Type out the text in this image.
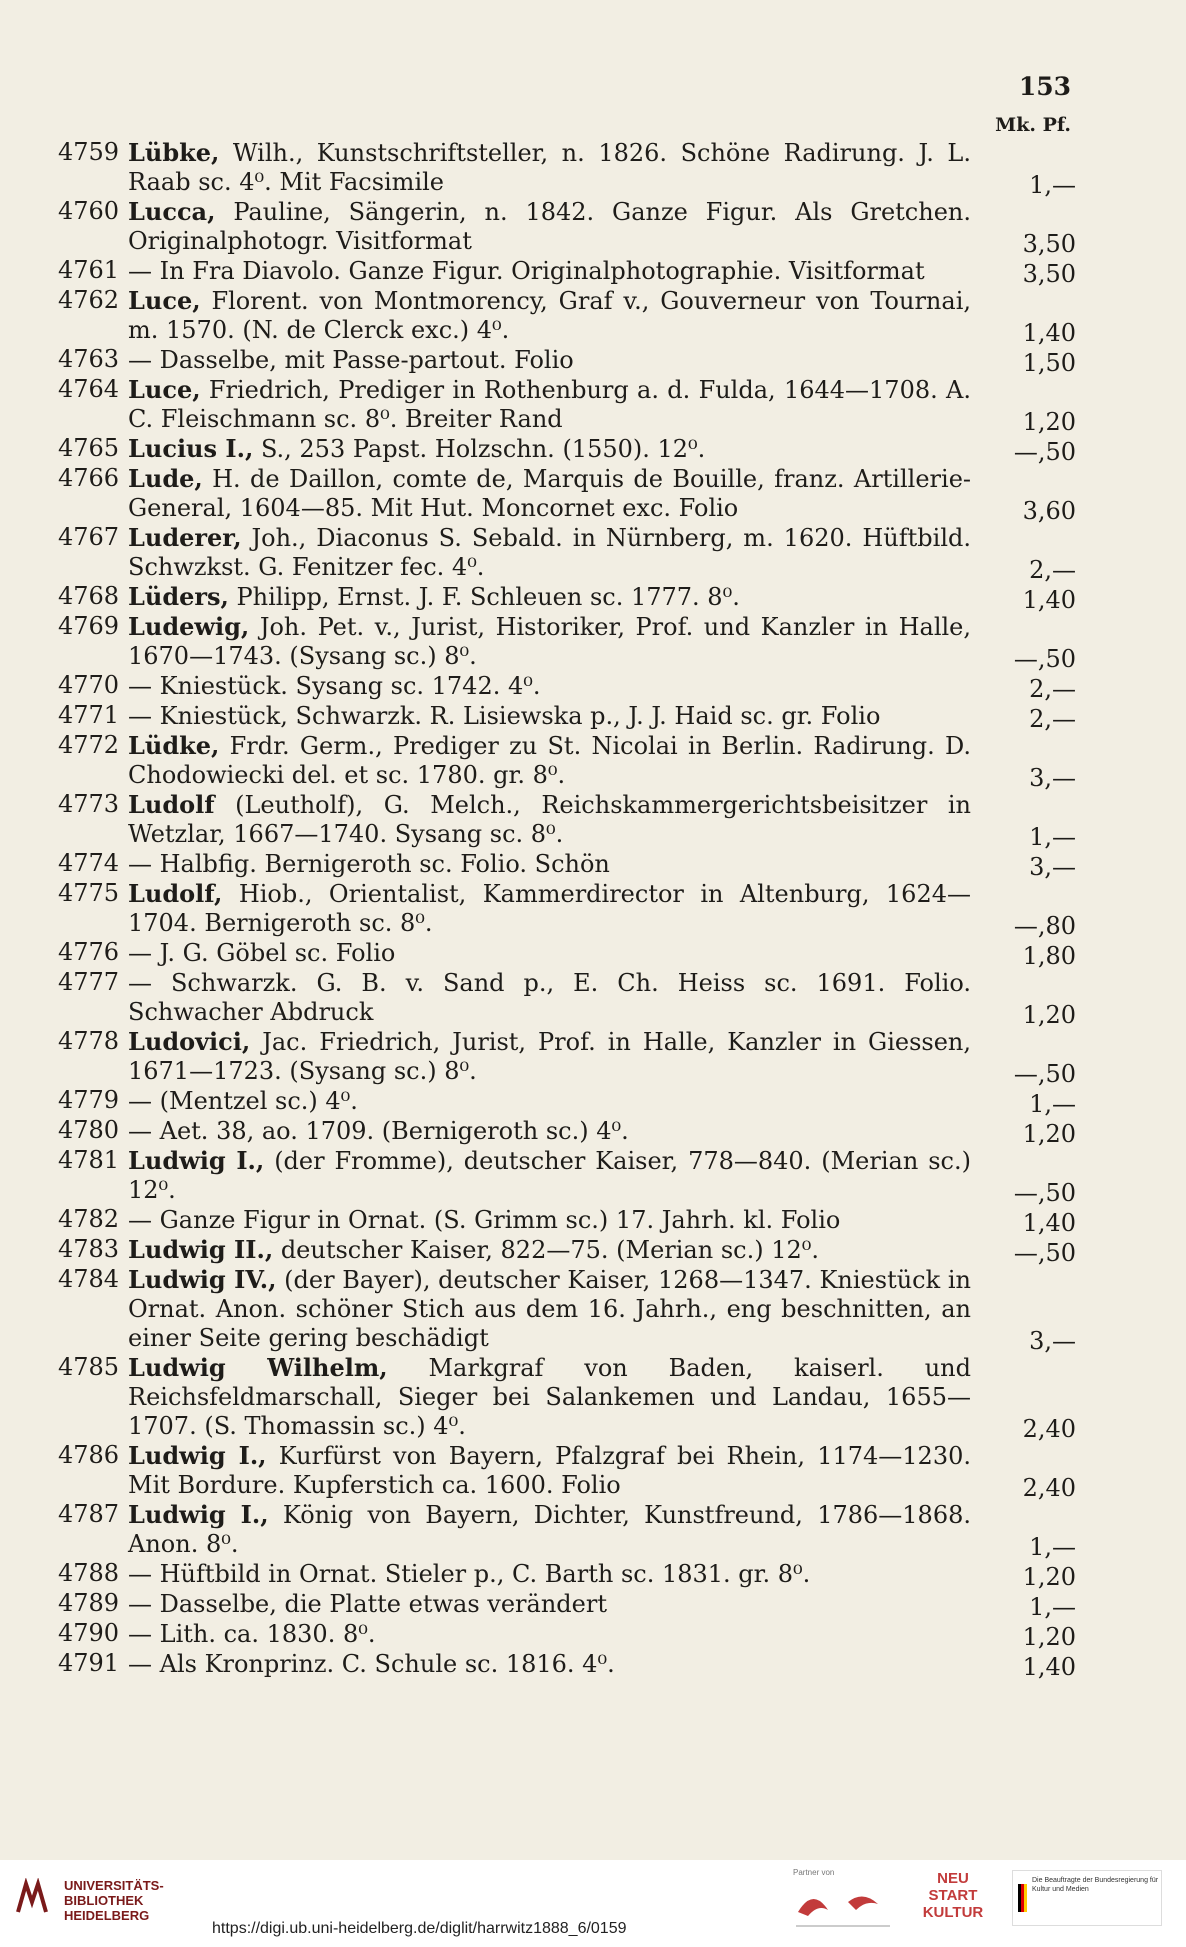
153
Mk. Pf.
4759 Lübke, Wilh., Kunstschriftsteller, n. 1826. Schöne Radirung. J. L. Raab sc. 4⁰. Mit Facsimile	1,—
4760 Lucca, Pauline, Sängerin, n. 1842. Ganze Figur. Als Gretchen. Originalphotogr. Visitformat	3,50
4761 — In Fra Diavolo. Ganze Figur. Originalphotographie. Visitformat	3,50
4762 Luce, Florent. von Montmorency, Graf v., Gouverneur von Tournai, m. 1570. (N. de Clerck exc.) 4⁰.	1,40
4763 — Dasselbe, mit Passe-partout. Folio	1,50
4764 Luce, Friedrich, Prediger in Rothenburg a. d. Fulda, 1644—1708. A. C. Fleischmann sc. 8⁰. Breiter Rand	1,20
4765 Lucius I., S., 253 Papst. Holzschn. (1550). 12⁰.	—,50
4766 Lude, H. de Daillon, comte de, Marquis de Bouille, franz. Artillerie-General, 1604—85. Mit Hut. Moncornet exc. Folio	3,60
4767 Luderer, Joh., Diaconus S. Sebald. in Nürnberg, m. 1620. Hüftbild. Schwzkst. G. Fenitzer fec. 4⁰.	2,—
4768 Lüders, Philipp, Ernst. J. F. Schleuen sc. 1777. 8⁰.	1,40
4769 Ludewig, Joh. Pet. v., Jurist, Historiker, Prof. und Kanzler in Halle, 1670—1743. (Sysang sc.) 8⁰.	—,50
4770 — Kniestück. Sysang sc. 1742. 4⁰.	2,—
4771 — Kniestück, Schwarzk. R. Lisiewska p., J. J. Haid sc. gr. Folio	2,—
4772 Lüdke, Frdr. Germ., Prediger zu St. Nicolai in Berlin. Radirung. D. Chodowiecki del. et sc. 1780. gr. 8⁰.	3,—
4773 Ludolf (Leutholf), G. Melch., Reichskammergerichtsbeisitzer in Wetzlar, 1667—1740. Sysang sc. 8⁰.	1,—
4774 — Halbfig. Bernigeroth sc. Folio. Schön	3,—
4775 Ludolf, Hiob., Orientalist, Kammerdirector in Altenburg, 1624—1704. Bernigeroth sc. 8⁰.	—,80
4776 — J. G. Göbel sc. Folio	1,80
4777 — Schwarzk. G. B. v. Sand p., E. Ch. Heiss sc. 1691. Folio. Schwacher Abdruck	1,20
4778 Ludovici, Jac. Friedrich, Jurist, Prof. in Halle, Kanzler in Giessen, 1671—1723. (Sysang sc.) 8⁰.	—,50
4779 — (Mentzel sc.) 4⁰.	1,—
4780 — Aet. 38, ao. 1709. (Bernigeroth sc.) 4⁰.	1,20
4781 Ludwig I., (der Fromme), deutscher Kaiser, 778—840. (Merian sc.) 12⁰.	—,50
4782 — Ganze Figur in Ornat. (S. Grimm sc.) 17. Jahrh. kl. Folio	1,40
4783 Ludwig II., deutscher Kaiser, 822—75. (Merian sc.) 12⁰.	—,50
4784 Ludwig IV., (der Bayer), deutscher Kaiser, 1268—1347. Kniestück in Ornat. Anon. schöner Stich aus dem 16. Jahrh., eng beschnitten, an einer Seite gering beschädigt	3,—
4785 Ludwig Wilhelm, Markgraf von Baden, kaiserl. und Reichsfeldmarschall, Sieger bei Salankemen und Landau, 1655—1707. (S. Thomassin sc.) 4⁰.	2,40
4786 Ludwig I., Kurfürst von Bayern, Pfalzgraf bei Rhein, 1174—1230. Mit Bordure. Kupferstich ca. 1600. Folio	2,40
4787 Ludwig I., König von Bayern, Dichter, Kunstfreund, 1786—1868. Anon. 8⁰.	1,—
4788 — Hüftbild in Ornat. Stieler p., C. Barth sc. 1831. gr. 8⁰.	1,20
4789 — Dasselbe, die Platte etwas verändert	1,—
4790 — Lith. ca. 1830. 8⁰.	1,20
4791 — Als Kronprinz. C. Schule sc. 1816. 4⁰.	1,40
UNIVERSITÄTS-
BIBLIOTHEK
HEIDELBERG
https://digi.ub.uni-heidelberg.de/diglit/harrwitz1888_6/0159
Partner von	NEU
START
KULTUR
Die Beauftragte der Bundesregierung für Kultur und Medien
